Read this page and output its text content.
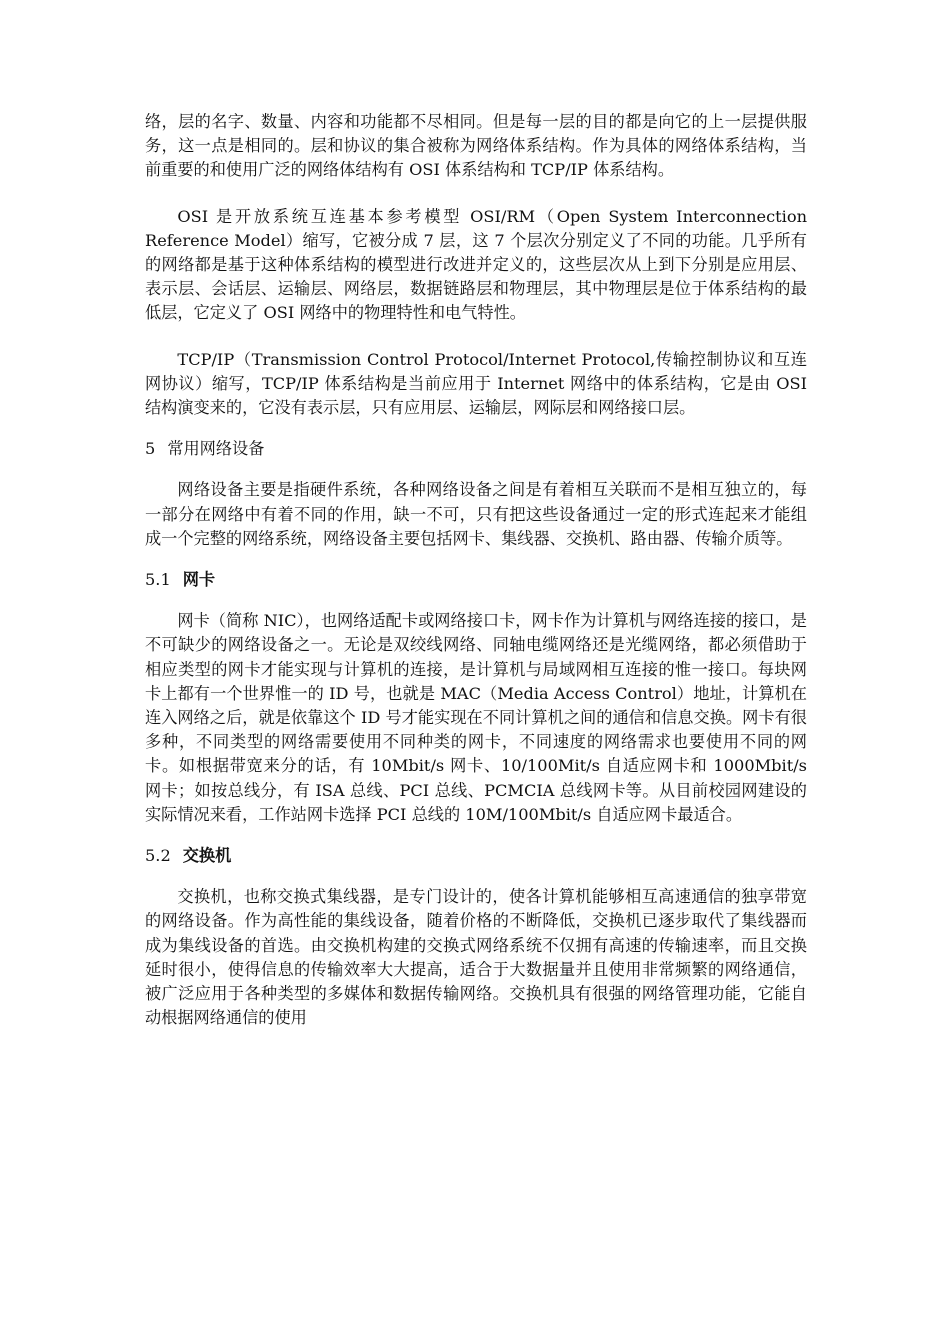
络，层的名字、数量、内容和功能都不尽相同。但是每一层的目的都是向它的上一层提供服务，这一点是相同的。层和协议的集合被称为网络体系结构。作为具体的网络体系结构，当前重要的和使用广泛的网络体结构有 OSI 体系结构和 TCP/IP 体系结构。

OSI 是开放系统互连基本参考模型 OSI/RM（Open System Interconnection Reference Model）缩写，它被分成 7 层，这 7 个层次分别定义了不同的功能。几乎所有的网络都是基于这种体系结构的模型进行改进并定义的，这些层次从上到下分别是应用层、表示层、会话层、运输层、网络层，数据链路层和物理层，其中物理层是位于体系结构的最低层，它定义了 OSI 网络中的物理特性和电气特性。

TCP/IP（Transmission Control Protocol/Internet Protocol,传输控制协议和互连网协议）缩写，TCP/IP 体系结构是当前应用于 Internet 网络中的体系结构，它是由 OSI 结构演变来的，它没有表示层，只有应用层、运输层，网际层和网络接口层。

5 常用网络设备

网络设备主要是指硬件系统，各种网络设备之间是有着相互关联而不是相互独立的，每一部分在网络中有着不同的作用，缺一不可，只有把这些设备通过一定的形式连起来才能组成一个完整的网络系统，网络设备主要包括网卡、集线器、交换机、路由器、传输介质等。

5.1 网卡

网卡（简称 NIC），也网络适配卡或网络接口卡，网卡作为计算机与网络连接的接口，是不可缺少的网络设备之一。无论是双绞线网络、同轴电缆网络还是光缆网络，都必须借助于相应类型的网卡才能实现与计算机的连接，是计算机与局域网相互连接的惟一接口。每块网卡上都有一个世界惟一的 ID 号，也就是 MAC（Media Access Control）地址，计算机在连入网络之后，就是依靠这个 ID 号才能实现在不同计算机之间的通信和信息交换。网卡有很多种，不同类型的网络需要使用不同种类的网卡，不同速度的网络需求也要使用不同的网卡。如根据带宽来分的话，有 10Mbit/s 网卡、10/100Mit/s 自适应网卡和 1000Mbit/s 网卡；如按总线分，有 ISA 总线、PCI 总线、PCMCIA 总线网卡等。从目前校园网建设的实际情况来看，工作站网卡选择 PCI 总线的 10M/100Mbit/s 自适应网卡最适合。

5.2 交换机

交换机，也称交换式集线器，是专门设计的，使各计算机能够相互高速通信的独享带宽的网络设备。作为高性能的集线设备，随着价格的不断降低，交换机已逐步取代了集线器而成为集线设备的首选。由交换机构建的交换式网络系统不仅拥有高速的传输速率，而且交换延时很小，使得信息的传输效率大大提高，适合于大数据量并且使用非常频繁的网络通信，被广泛应用于各种类型的多媒体和数据传输网络。交换机具有很强的网络管理功能，它能自动根据网络通信的使用
